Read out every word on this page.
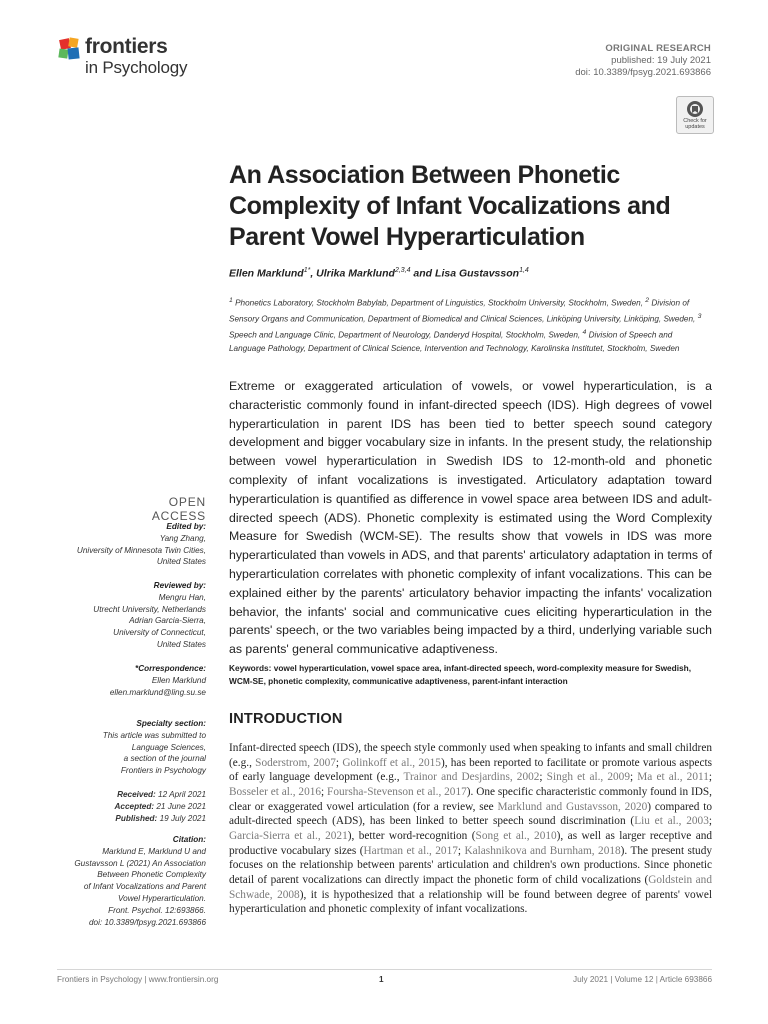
frontiers
in Psychology
ORIGINAL RESEARCH
published: 19 July 2021
doi: 10.3389/fpsyg.2021.693866
Check for updates
An Association Between Phonetic Complexity of Infant Vocalizations and Parent Vowel Hyperarticulation
Ellen Marklund$^{1*}$, Ulrika Marklund$^{2,3,4}$ and Lisa Gustavsson$^{1,4}$
$^1$ Phonetics Laboratory, Stockholm Babylab, Department of Linguistics, Stockholm University, Stockholm, Sweden, $^2$ Division of Sensory Organs and Communication, Department of Biomedical and Clinical Sciences, Linköping University, Linköping, Sweden, $^3$ Speech and Language Clinic, Department of Neurology, Danderyd Hospital, Stockholm, Sweden, $^4$ Division of Speech and Language Pathology, Department of Clinical Science, Intervention and Technology, Karolinska Institutet, Stockholm, Sweden
Extreme or exaggerated articulation of vowels, or vowel hyperarticulation, is a characteristic commonly found in infant-directed speech (IDS). High degrees of vowel hyperarticulation in parent IDS has been tied to better speech sound category development and bigger vocabulary size in infants. In the present study, the relationship between vowel hyperarticulation in Swedish IDS to 12-month-old and phonetic complexity of infant vocalizations is investigated. Articulatory adaptation toward hyperarticulation is quantified as difference in vowel space area between IDS and adult-directed speech (ADS). Phonetic complexity is estimated using the Word Complexity Measure for Swedish (WCM-SE). The results show that vowels in IDS was more hyperarticulated than vowels in ADS, and that parents' articulatory adaptation in terms of hyperarticulation correlates with phonetic complexity of infant vocalizations. This can be explained either by the parents' articulatory behavior impacting the infants' vocalization behavior, the infants' social and communicative cues eliciting hyperarticulation in the parents' speech, or the two variables being impacted by a third, underlying variable such as parents' general communicative adaptiveness.
Keywords: vowel hyperarticulation, vowel space area, infant-directed speech, word-complexity measure for Swedish, WCM-SE, phonetic complexity, communicative adaptiveness, parent-infant interaction
OPEN ACCESS
Edited by:
Yang Zhang,
University of Minnesota Twin Cities,
United States
Reviewed by:
Mengru Han,
Utrecht University, Netherlands
Adrian Garcia-Sierra,
University of Connecticut,
United States
*Correspondence:
Ellen Marklund
ellen.marklund@ling.su.se
Specialty section:
This article was submitted to
Language Sciences,
a section of the journal
Frontiers in Psychology
Received: 12 April 2021
Accepted: 21 June 2021
Published: 19 July 2021
Citation:
Marklund E, Marklund U and
Gustavsson L (2021) An Association
Between Phonetic Complexity
of Infant Vocalizations and Parent
Vowel Hyperarticulation.
Front. Psychol. 12:693866.
doi: 10.3389/fpsyg.2021.693866
INTRODUCTION
Infant-directed speech (IDS), the speech style commonly used when speaking to infants and small children (e.g., Soderstrom, 2007; Golinkoff et al., 2015), has been reported to facilitate or promote various aspects of early language development (e.g., Trainor and Desjardins, 2002; Singh et al., 2009; Ma et al., 2011; Bosseler et al., 2016; Foursha-Stevenson et al., 2017). One specific characteristic commonly found in IDS, clear or exaggerated vowel articulation (for a review, see Marklund and Gustavsson, 2020) compared to adult-directed speech (ADS), has been linked to better speech sound discrimination (Liu et al., 2003; Garcia-Sierra et al., 2021), better word-recognition (Song et al., 2010), as well as larger receptive and productive vocabulary sizes (Hartman et al., 2017; Kalashnikova and Burnham, 2018). The present study focuses on the relationship between parents' articulation and children's own productions. Since phonetic detail of parent vocalizations can directly impact the phonetic form of child vocalizations (Goldstein and Schwade, 2008), it is hypothesized that a relationship will be found between degree of parents' vowel hyperarticulation and phonetic complexity of infant vocalizations.
Frontiers in Psychology | www.frontiersin.org	1	July 2021 | Volume 12 | Article 693866
